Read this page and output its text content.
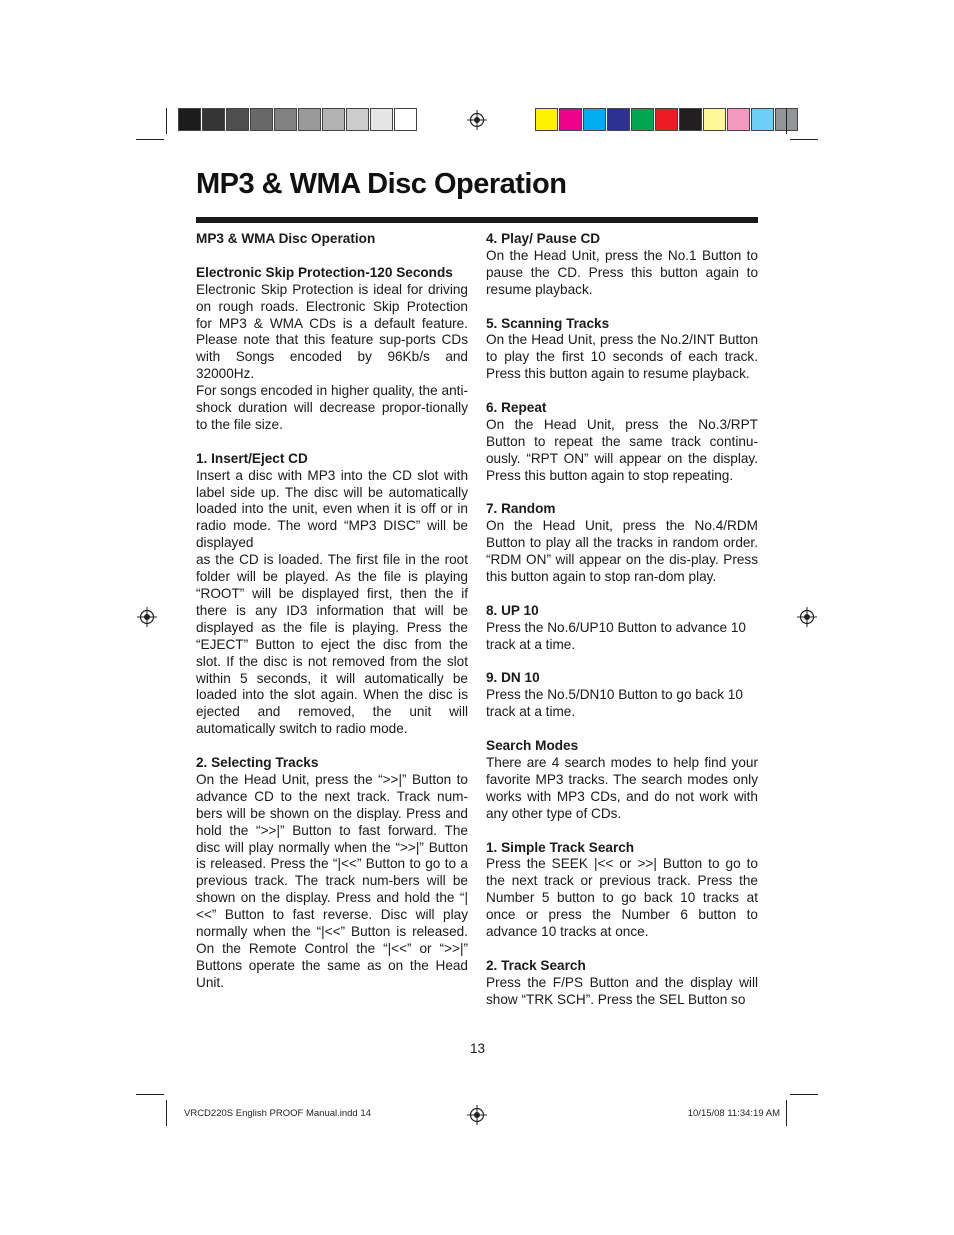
MP3 & WMA Disc Operation

MP3 & WMA Disc Operation

Electronic Skip Protection-120 Seconds
Electronic Skip Protection is ideal for driving on rough roads. Electronic Skip Protection for MP3 & WMA CDs is a default feature. Please note that this feature sup-ports CDs with Songs encoded by 96Kb/s and 32000Hz.
For songs encoded in higher quality, the anti-shock duration will decrease propor-tionally to the file size.

1. Insert/Eject CD
Insert a disc with MP3 into the CD slot with label side up. The disc will be automatically loaded into the unit, even when it is off or in radio mode. The word “MP3 DISC” will be displayed
as the CD is loaded. The first file in the root folder will be played. As the file is playing “ROOT” will be displayed first, then the if there is any ID3 information that will be displayed as the file is playing. Press the “EJECT” Button to eject the disc from the slot. If the disc is not removed from the slot within 5 seconds, it will automatically be loaded into the slot again. When the disc is ejected and removed, the unit will automatically switch to radio mode.

2. Selecting Tracks
On the Head Unit, press the “>>|” Button to advance CD to the next track. Track num-bers will be shown on the display. Press and hold the “>>|” Button to fast forward. The disc will play normally when the “>>|” Button is released. Press the “|<<” Button to go to a previous track. The track num-bers will be shown on the display. Press and hold the “|<<” Button to fast reverse. Disc will play normally when the “|<<” Button is released. On the Remote Control the “|<<” or “>>|” Buttons operate the same as on the Head Unit.

4. Play/ Pause CD
On the Head Unit, press the No.1 Button to pause the CD. Press this button again to resume playback.

5. Scanning Tracks
On the Head Unit, press the No.2/INT Button to play the first 10 seconds of each track. Press this button again to resume playback.

6. Repeat
On the Head Unit, press the No.3/RPT Button to repeat the same track continu-ously. “RPT ON” will appear on the display. Press this button again to stop repeating.

7. Random
On the Head Unit, press the No.4/RDM Button to play all the tracks in random order. “RDM ON” will appear on the dis-play. Press this button again to stop ran-dom play.

8. UP 10
Press the No.6/UP10 Button to advance 10 track at a time.

9. DN 10
Press the No.5/DN10 Button to go back 10 track at a time.

Search Modes
There are 4 search modes to help find your favorite MP3 tracks. The search modes only works with MP3 CDs, and do not work with any other type of CDs.

1. Simple Track Search
Press the SEEK |<< or >>| Button to go to the next track or previous track. Press the Number 5 button to go back 10 tracks at once or press the Number 6 button to advance 10 tracks at once.

2. Track Search
Press the F/PS Button and the display will show “TRK SCH”. Press the SEL Button so

13
VRCD220S English PROOF Manual.indd 14	10/15/08 11:34:19 AM
